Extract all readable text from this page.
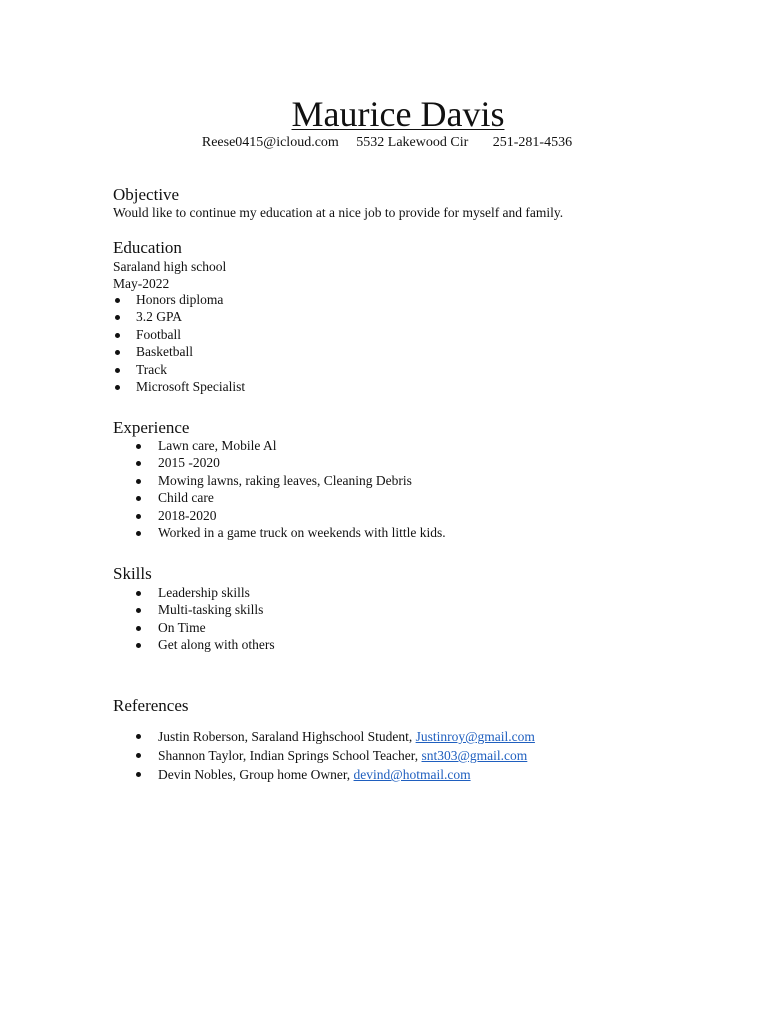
Maurice Davis
Reese0415@icloud.com     5532 Lakewood Cir       251-281-4536
Objective

Would like to continue my education at a nice job to provide for myself and family.

Education

Saraland high school

May-2022

Honors diploma
3.2 GPA
Football
Basketball
Track
Microsoft Specialist
Experience
Lawn care, Mobile Al
2015 -2020
Mowing lawns, raking leaves, Cleaning Debris
Child care
2018-2020
Worked in a game truck on weekends with little kids.
Skills
Leadership skills
Multi-tasking skills
On Time
Get along with others
References
Justin Roberson, Saraland Highschool Student, Justinroy@gmail.com
Shannon Taylor, Indian Springs School Teacher, snt303@gmail.com
Devin Nobles, Group home Owner, devind@hotmail.com
